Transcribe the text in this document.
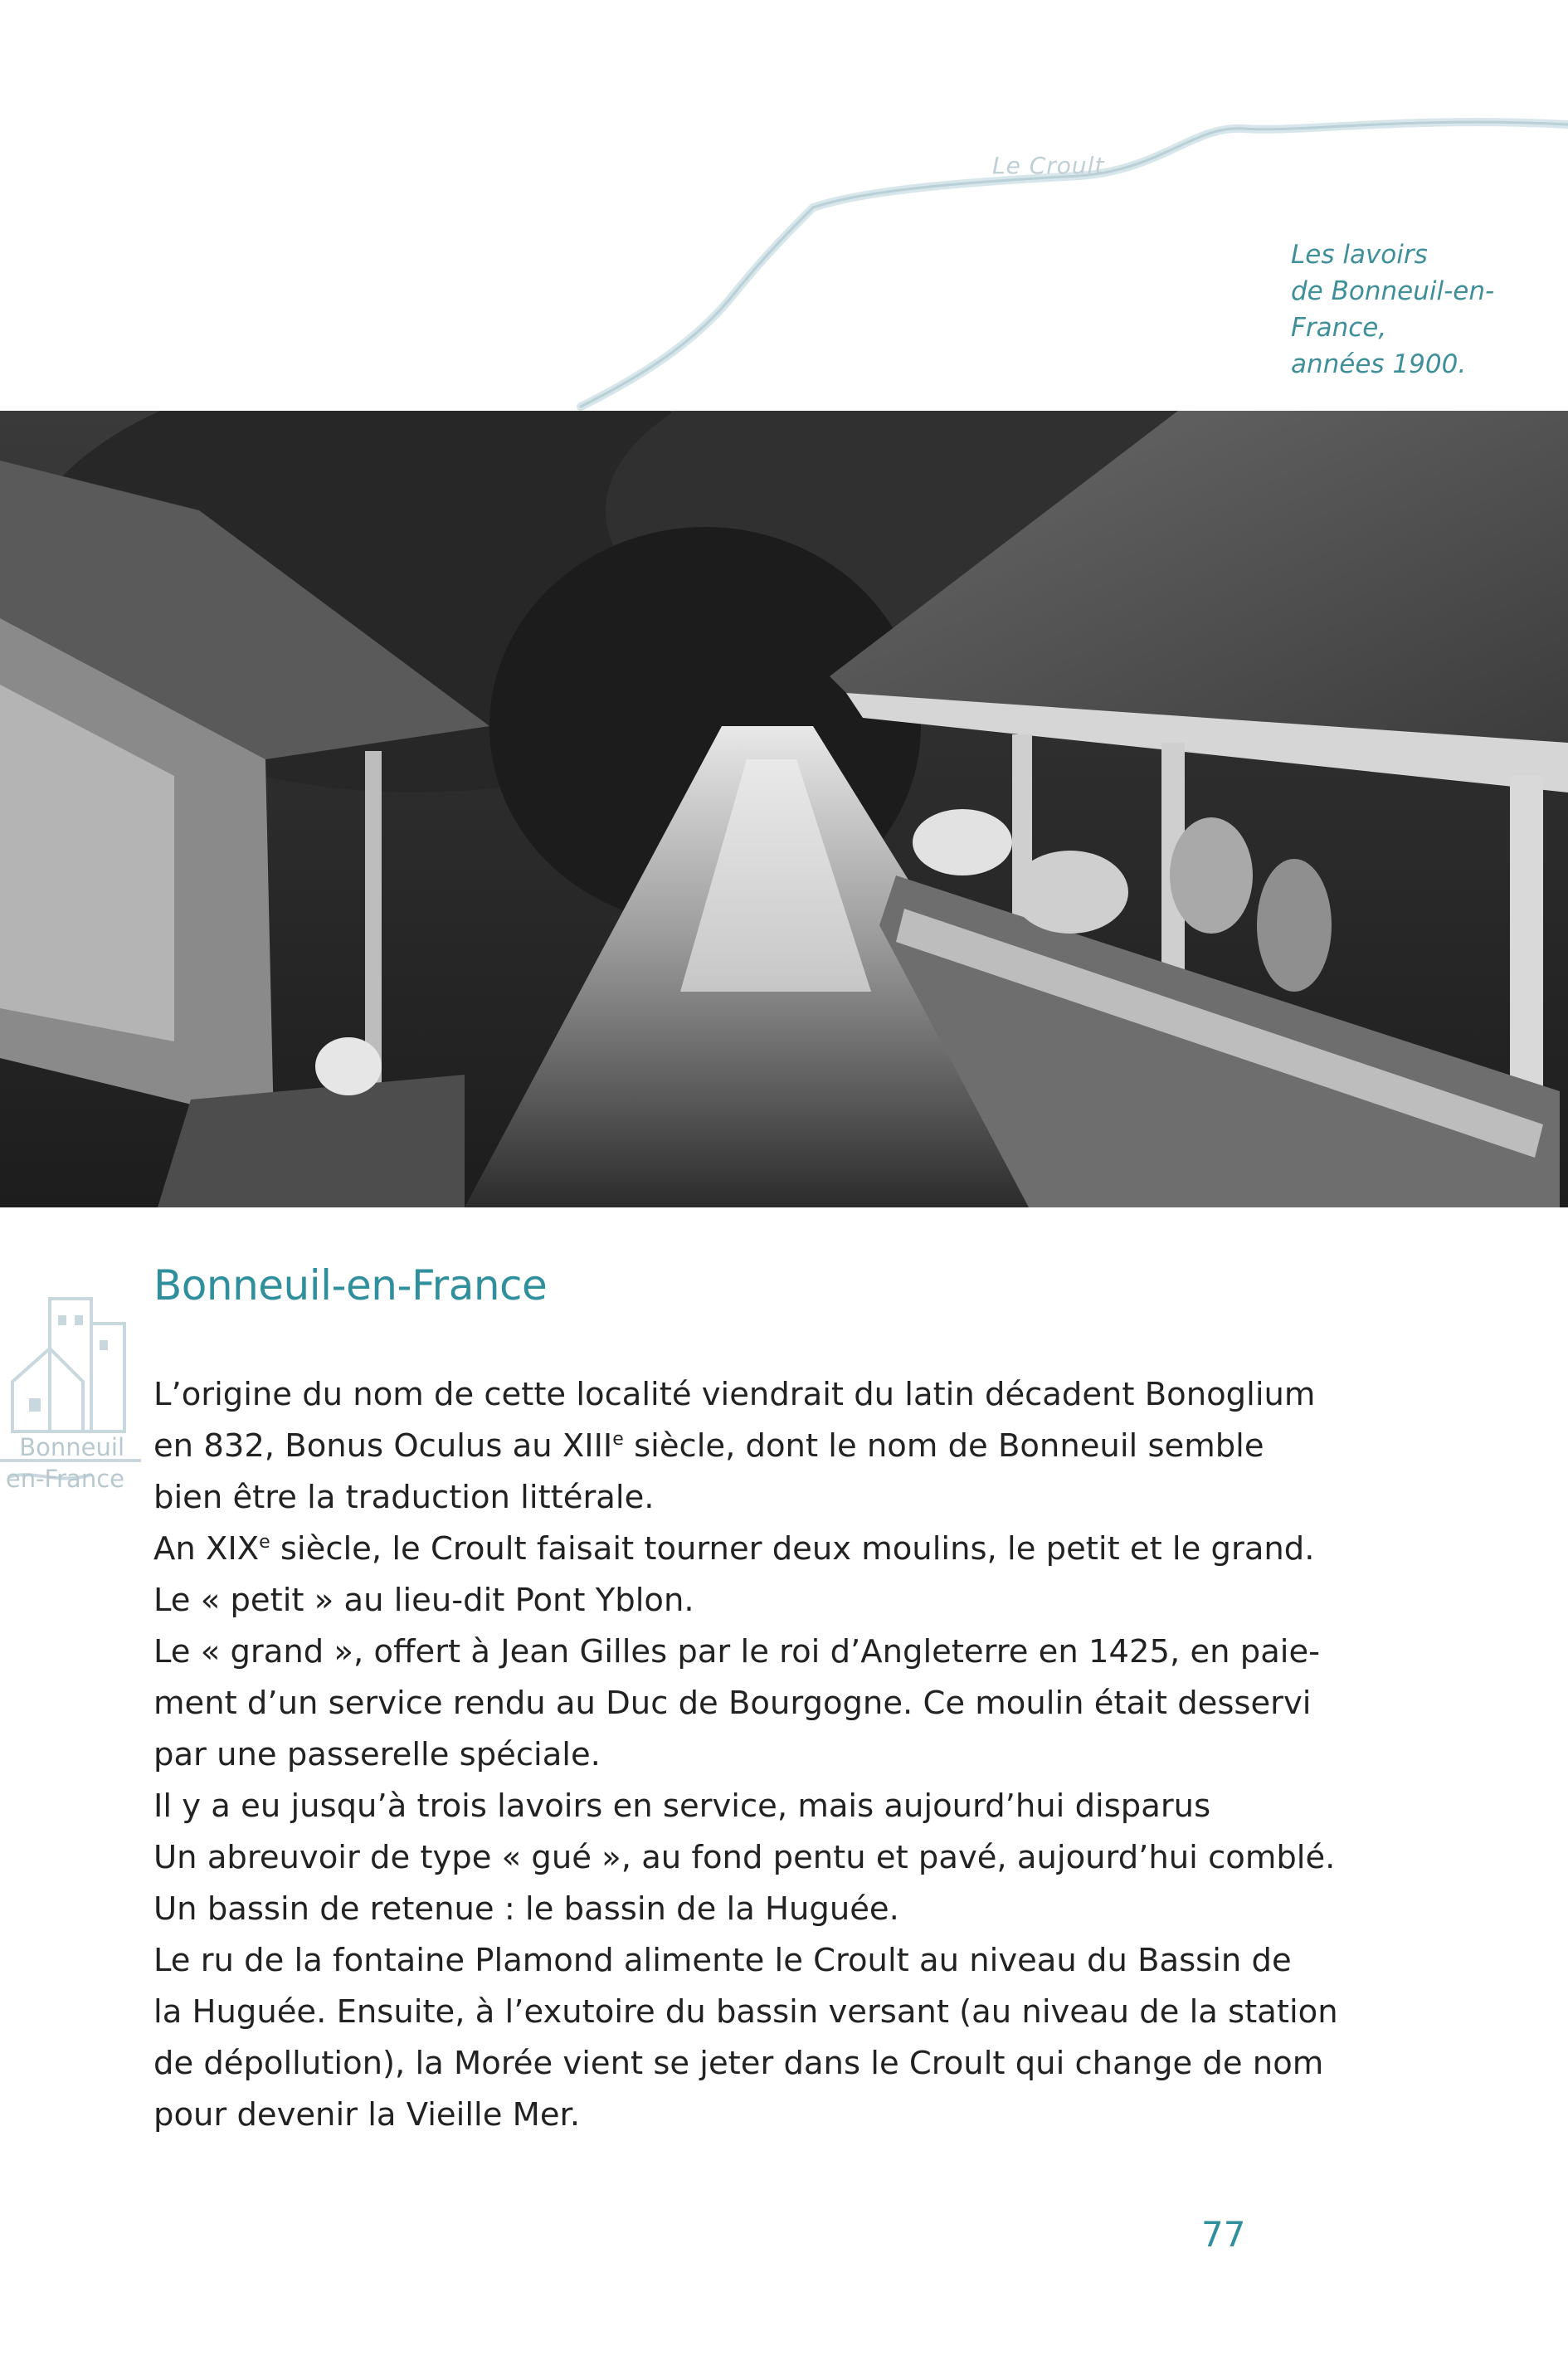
Le Croult
Les lavoirs
de Bonneuil-en-
France,
années 1900.
Bonneuil
en-France
Bonneuil-en-France
L’origine du nom de cette localité viendrait du latin décadent Bonoglium
en 832, Bonus Oculus au XIIIe siècle, dont le nom de Bonneuil semble
bien être la traduction littérale.
An XIXe siècle, le Croult faisait tourner deux moulins, le petit et le grand.
Le « petit » au lieu-dit Pont Yblon.
Le « grand », offert à Jean Gilles par le roi d’Angleterre en 1425, en paie-
ment d’un service rendu au Duc de Bourgogne. Ce moulin était desservi
par une passerelle spéciale.
Il y a eu jusqu’à trois lavoirs en service, mais aujourd’hui disparus
Un abreuvoir de type « gué », au fond pentu et pavé, aujourd’hui comblé.
Un bassin de retenue : le bassin de la Huguée.
Le ru de la fontaine Plamond alimente le Croult au niveau du Bassin de
la Huguée. Ensuite, à l’exutoire du bassin versant (au niveau de la station
de dépollution), la Morée vient se jeter dans le Croult qui change de nom
pour devenir la Vieille Mer.
77
